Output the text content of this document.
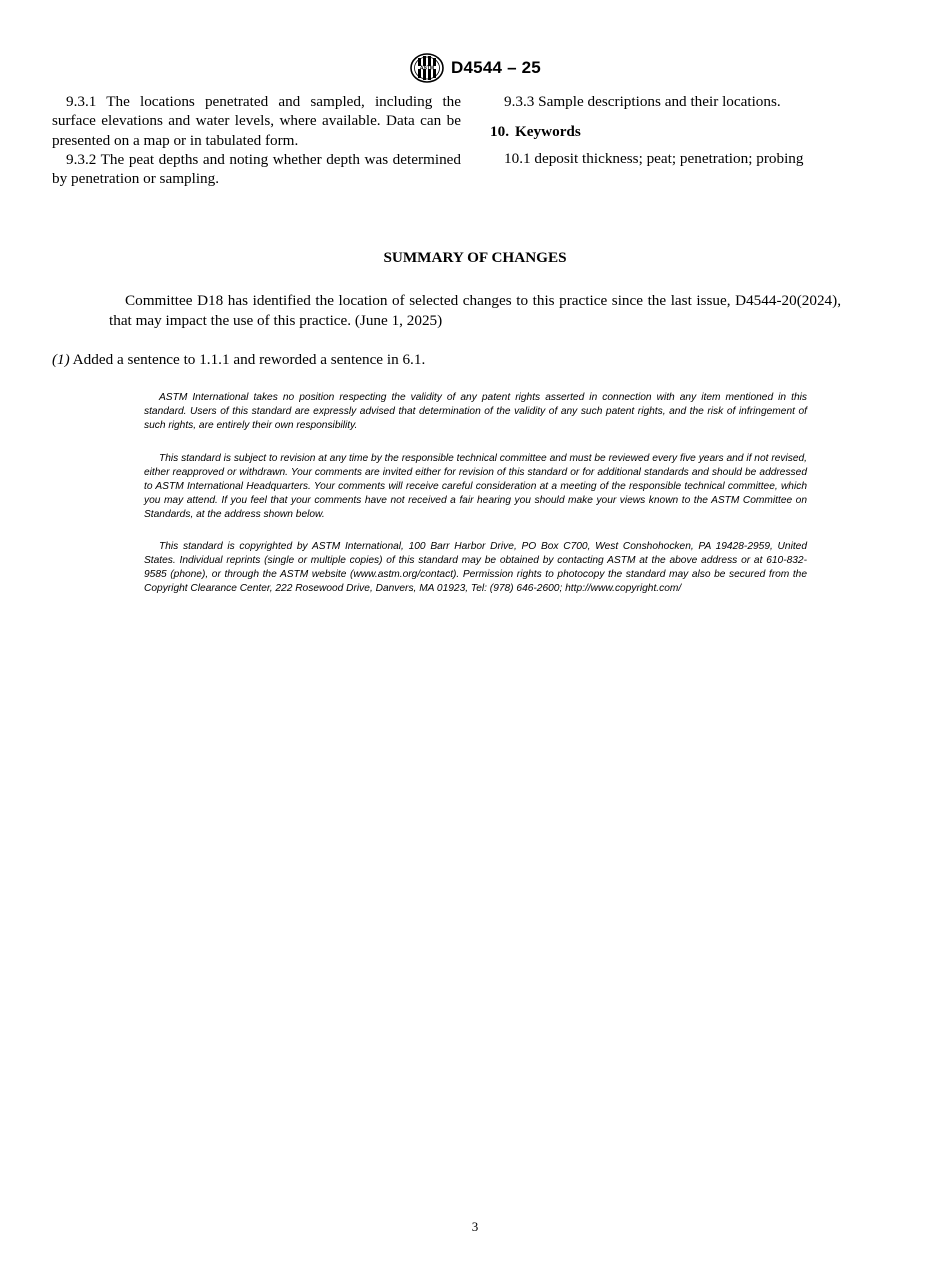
ASTM D4544 – 25

9.3.1 The locations penetrated and sampled, including the surface elevations and water levels, where available. Data can be presented on a map or in tabulated form.

9.3.2 The peat depths and noting whether depth was determined by penetration or sampling.

9.3.3 Sample descriptions and their locations.

10. Keywords

10.1 deposit thickness; peat; penetration; probing

SUMMARY OF CHANGES

Committee D18 has identified the location of selected changes to this practice since the last issue, D4544-20(2024), that may impact the use of this practice. (June 1, 2025)

(1) Added a sentence to 1.1.1 and reworded a sentence in 6.1.

ASTM International takes no position respecting the validity of any patent rights asserted in connection with any item mentioned in this standard. Users of this standard are expressly advised that determination of the validity of any such patent rights, and the risk of infringement of such rights, are entirely their own responsibility.

This standard is subject to revision at any time by the responsible technical committee and must be reviewed every five years and if not revised, either reapproved or withdrawn. Your comments are invited either for revision of this standard or for additional standards and should be addressed to ASTM International Headquarters. Your comments will receive careful consideration at a meeting of the responsible technical committee, which you may attend. If you feel that your comments have not received a fair hearing you should make your views known to the ASTM Committee on Standards, at the address shown below.

This standard is copyrighted by ASTM International, 100 Barr Harbor Drive, PO Box C700, West Conshohocken, PA 19428-2959, United States. Individual reprints (single or multiple copies) of this standard may be obtained by contacting ASTM at the above address or at 610-832-9585 (phone), or through the ASTM website (www.astm.org/contact). Permission rights to photocopy the standard may also be secured from the Copyright Clearance Center, 222 Rosewood Drive, Danvers, MA 01923, Tel: (978) 646-2600; http://www.copyright.com/

3
